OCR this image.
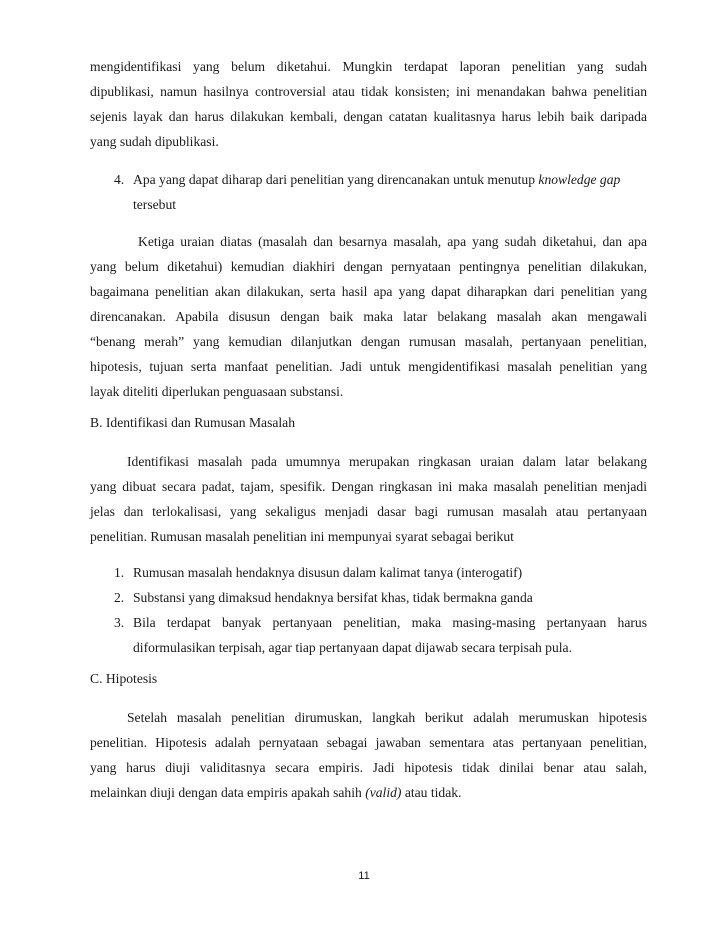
mengidentifikasi yang belum diketahui. Mungkin terdapat laporan penelitian yang sudah
dipublikasi, namun hasilnya controversial atau tidak konsisten; ini menandakan bahwa penelitian
sejenis layak dan harus dilakukan kembali, dengan catatan kualitasnya harus lebih baik daripada
yang sudah dipublikasi.
4. Apa yang dapat diharap dari penelitian yang direncanakan untuk menutup knowledge gap
tersebut
Ketiga uraian diatas (masalah dan besarnya masalah, apa yang sudah diketahui, dan apa
yang belum diketahui) kemudian diakhiri dengan pernyataan pentingnya penelitian dilakukan,
bagaimana penelitian akan dilakukan, serta hasil apa yang dapat diharapkan dari penelitian yang
direncanakan. Apabila disusun dengan baik maka latar belakang masalah akan mengawali
“benang merah” yang kemudian dilanjutkan dengan rumusan masalah, pertanyaan penelitian,
hipotesis, tujuan serta manfaat penelitian. Jadi untuk mengidentifikasi masalah penelitian yang
layak diteliti diperlukan penguasaan substansi.
B. Identifikasi dan Rumusan Masalah
Identifikasi masalah pada umumnya merupakan ringkasan uraian dalam latar belakang
yang dibuat secara padat, tajam, spesifik. Dengan ringkasan ini maka masalah penelitian menjadi
jelas dan terlokalisasi, yang sekaligus menjadi dasar bagi rumusan masalah atau pertanyaan
penelitian. Rumusan masalah penelitian ini mempunyai syarat sebagai berikut
1. Rumusan masalah hendaknya disusun dalam kalimat tanya (interogatif)
2. Substansi yang dimaksud hendaknya bersifat khas, tidak bermakna ganda
3. Bila terdapat banyak pertanyaan penelitian, maka masing-masing pertanyaan harus
diformulasikan terpisah, agar tiap pertanyaan dapat dijawab secara terpisah pula.
C. Hipotesis
Setelah masalah penelitian dirumuskan, langkah berikut adalah merumuskan hipotesis
penelitian. Hipotesis adalah pernyataan sebagai jawaban sementara atas pertanyaan penelitian,
yang harus diuji validitasnya secara empiris. Jadi hipotesis tidak dinilai benar atau salah,
melainkan diuji dengan data empiris apakah sahih (valid) atau tidak.
11
